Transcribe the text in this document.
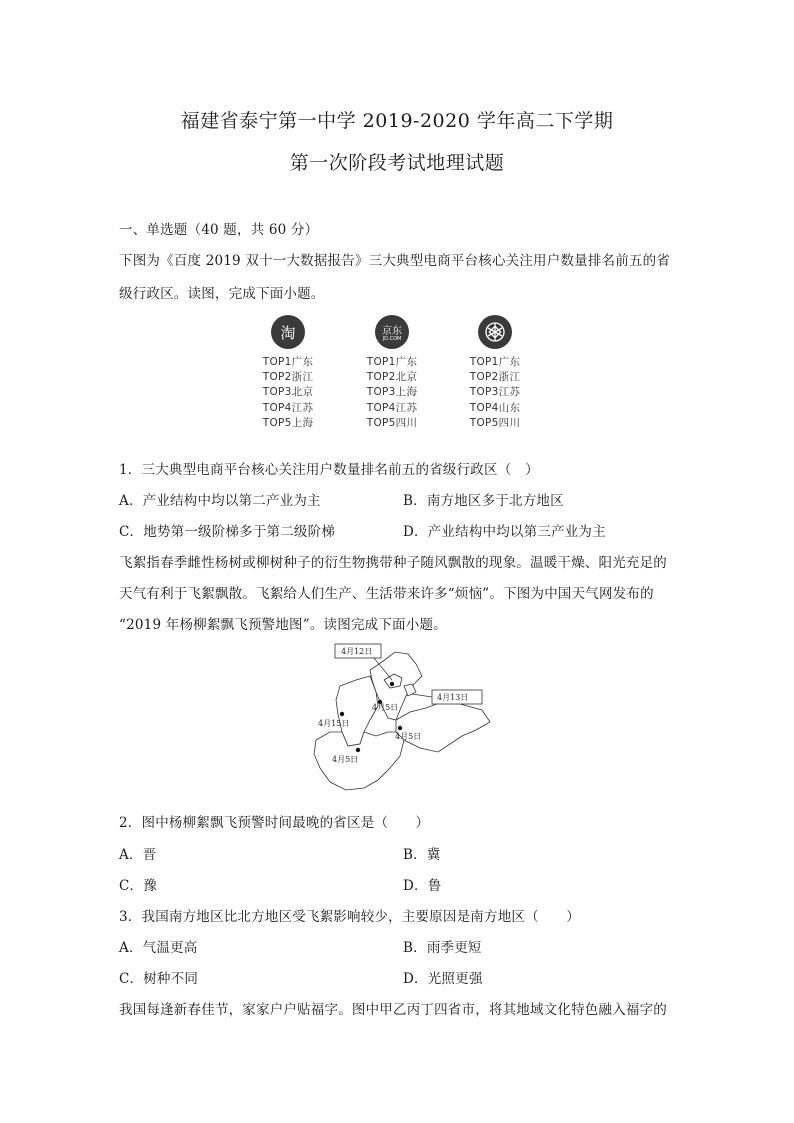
福建省泰宁第一中学 2019-2020 学年高二下学期
第一次阶段考试地理试题
一、单选题（40 题，共 60 分）
下图为《百度 2019 双十一大数据报告》三大典型电商平台核心关注用户数量排名前五的省
级行政区。读图，完成下面小题。
淘
TOP1广东
TOP2浙江
TOP3北京
TOP4江苏
TOP5上海
京东
JD.COM
TOP1广东
TOP2北京
TOP3上海
TOP4江苏
TOP5四川
TOP1广东
TOP2浙江
TOP3江苏
TOP4山东
TOP5四川
1．三大典型电商平台核心关注用户数量排名前五的省级行政区（　）
A．产业结构中均以第二产业为主	B．南方地区多于北方地区
C．地势第一级阶梯多于第二级阶梯	D．产业结构中均以第三产业为主
飞絮指春季雌性杨树或柳树种子的衍生物携带种子随风飘散的现象。温暖干燥、阳光充足的
天气有利于飞絮飘散。飞絮给人们生产、生活带来许多“烦恼”。下图为中国天气网发布的
“2019 年杨柳絮飘飞预警地图”。读图完成下面小题。
4月12日
4月13日
4月5日
4月15日
4月5日
4月5日
2．图中杨柳絮飘飞预警时间最晚的省区是（　　）
A．晋	B．冀
C．豫	D．鲁
3．我国南方地区比北方地区受飞絮影响较少，主要原因是南方地区（　　）
A．气温更高	B．雨季更短
C．树种不同	D．光照更强
我国每逢新春佳节，家家户户贴福字。图中甲乙丙丁四省市，将其地域文化特色融入福字的
